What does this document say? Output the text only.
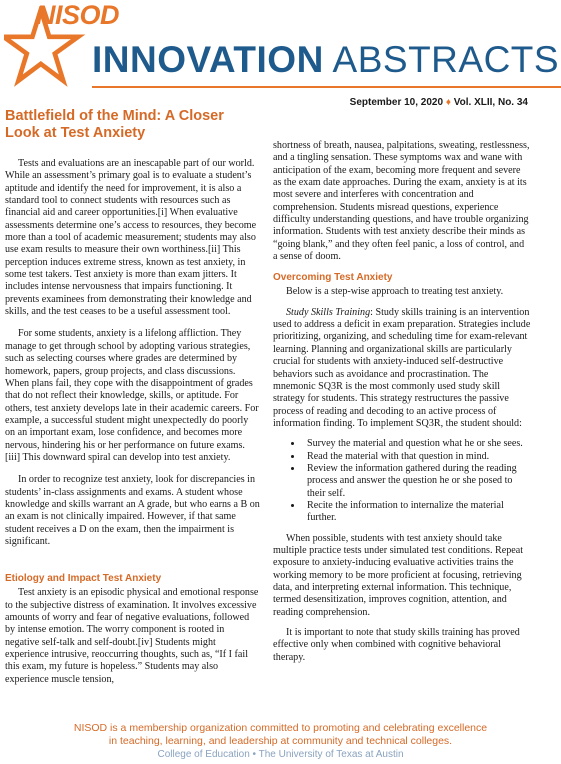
NISOD
INNOVATION ABSTRACTS
September 10, 2020 ♦ Vol. XLII, No. 34
Battlefield of the Mind: A Closer Look at Test Anxiety

Tests and evaluations are an inescapable part of our world. While an assessment’s primary goal is to evaluate a student’s aptitude and identify the need for improvement, it is also a standard tool to connect students with resources such as financial aid and career opportunities.[i] When evaluative assessments determine one’s access to resources, they become more than a tool of academic measurement; students may also use exam results to measure their own worthiness.[ii] This perception induces extreme stress, known as test anxiety, in some test takers. Test anxiety is more than exam jitters. It includes intense nervousness that impairs functioning. It prevents examinees from demonstrating their knowledge and skills, and the test ceases to be a useful assessment tool.

For some students, anxiety is a lifelong affliction. They manage to get through school by adopting various strategies, such as selecting courses where grades are determined by homework, papers, group projects, and class discussions. When plans fail, they cope with the disappointment of grades that do not reflect their knowledge, skills, or aptitude. For others, test anxiety develops late in their academic careers. For example, a successful student might unexpectedly do poorly on an important exam, lose confidence, and becomes more nervous, hindering his or her performance on future exams.[iii] This downward spiral can develop into test anxiety.

In order to recognize test anxiety, look for discrepancies in students’ in-class assignments and exams. A student whose knowledge and skills warrant an A grade, but who earns a B on an exam is not clinically impaired. However, if that same student receives a D on the exam, then the impairment is significant.

Etiology and Impact Test Anxiety

Test anxiety is an episodic physical and emotional response to the subjective distress of examination. It involves excessive amounts of worry and fear of negative evaluations, followed by intense emotion. The worry component is rooted in negative self-talk and self-doubt.[iv] Students might experience intrusive, reoccurring thoughts, such as, “If I fail this exam, my future is hopeless.” Students may also experience muscle tension,

shortness of breath, nausea, palpitations, sweating, restlessness, and a tingling sensation. These symptoms wax and wane with anticipation of the exam, becoming more frequent and severe as the exam date approaches. During the exam, anxiety is at its most severe and interferes with concentration and comprehension. Students misread questions, experience difficulty understanding questions, and have trouble organizing information. Students with test anxiety describe their minds as “going blank,” and they often feel panic, a loss of control, and a sense of doom.

Overcoming Test Anxiety

Below is a step-wise approach to treating test anxiety.

Study Skills Training: Study skills training is an intervention used to address a deficit in exam preparation. Strategies include prioritizing, organizing, and scheduling time for exam-relevant learning. Planning and organizational skills are particularly crucial for students with anxiety-induced self-destructive behaviors such as avoidance and procrastination. The mnemonic SQ3R is the most commonly used study skill strategy for students. This strategy restructures the passive process of reading and decoding to an active process of information finding. To implement SQ3R, the student should:

• Survey the material and question what he or she sees.
• Read the material with that question in mind.
• Review the information gathered during the reading process and answer the question he or she posed to their self.
• Recite the information to internalize the material further.

When possible, students with test anxiety should take multiple practice tests under simulated test conditions. Repeat exposure to anxiety-inducing evaluative activities trains the working memory to be more proficient at focusing, retrieving data, and interpreting external information. This technique, termed desensitization, improves cognition, attention, and reading comprehension.

It is important to note that study skills training has proved effective only when combined with cognitive behavioral therapy.

NISOD is a membership organization committed to promoting and celebrating excellence
in teaching, learning, and leadership at community and technical colleges.
College of Education • The University of Texas at Austin
